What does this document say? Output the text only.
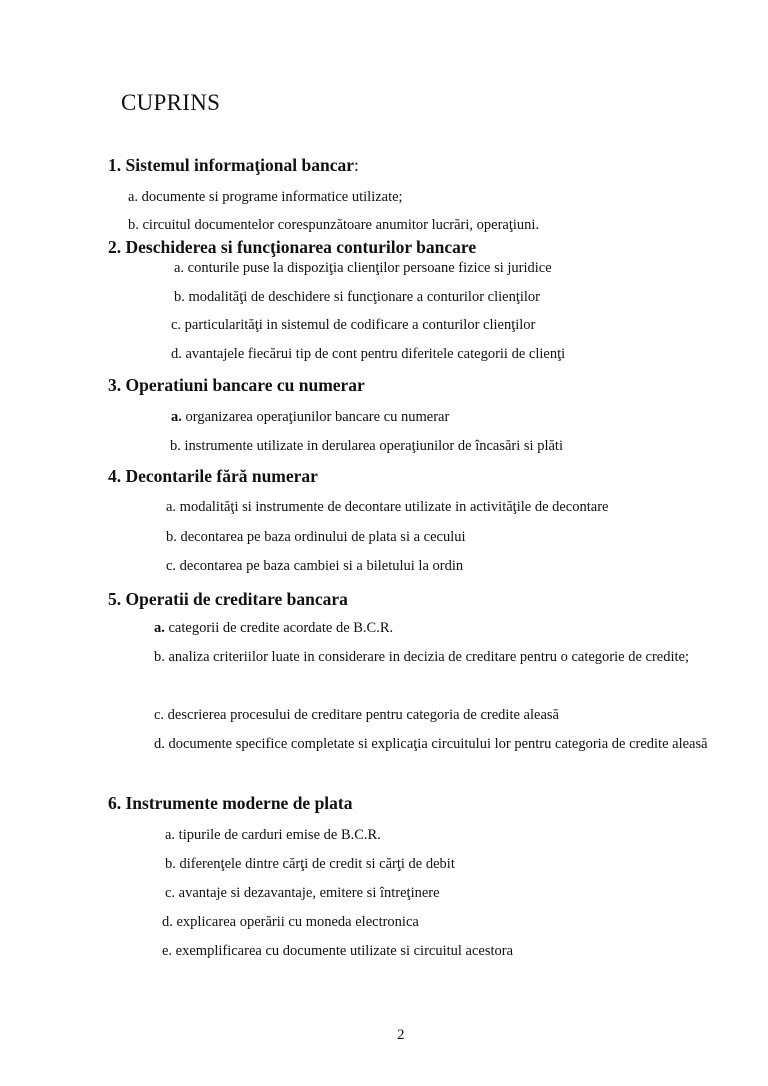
CUPRINS
1. Sistemul informaţional bancar:
a. documente si programe informatice utilizate;
b. circuitul documentelor corespunzătoare anumitor lucrări, operaţiuni.
2. Deschiderea si funcţionarea conturilor bancare
a. conturile puse la dispoziţia clienţilor persoane fizice si juridice
b. modalităţi de deschidere si funcţionare a conturilor clienţilor
c. particularităţi in sistemul de codificare a conturilor clienţilor
d. avantajele fiecărui tip de cont pentru diferitele categorii de clienţi
3. Operatiuni bancare cu numerar
a. organizarea operaţiunilor bancare cu numerar
b. instrumente utilizate in derularea operaţiunilor de încasări si plăti
4. Decontarile fără numerar
a. modalităţi si instrumente de decontare utilizate in activităţile de decontare
b. decontarea pe baza ordinului de plata si a cecului
c. decontarea pe baza cambiei si a biletului la ordin
5. Operatii de creditare bancara
a. categorii de credite acordate de B.C.R.
b. analiza criteriilor luate in considerare in decizia de creditare pentru o categorie de credite;
c. descrierea procesului de creditare pentru categoria de credite aleasă
d. documente specifice completate si explicaţia circuitului lor pentru categoria de credite aleasă
6. Instrumente moderne de plata
a. tipurile de carduri emise de B.C.R.
b. diferenţele dintre cărţi de credit si cărţi de debit
c. avantaje si dezavantaje, emitere si întreţinere
d. explicarea operării cu moneda electronica
e. exemplificarea cu documente utilizate si circuitul acestora
2
